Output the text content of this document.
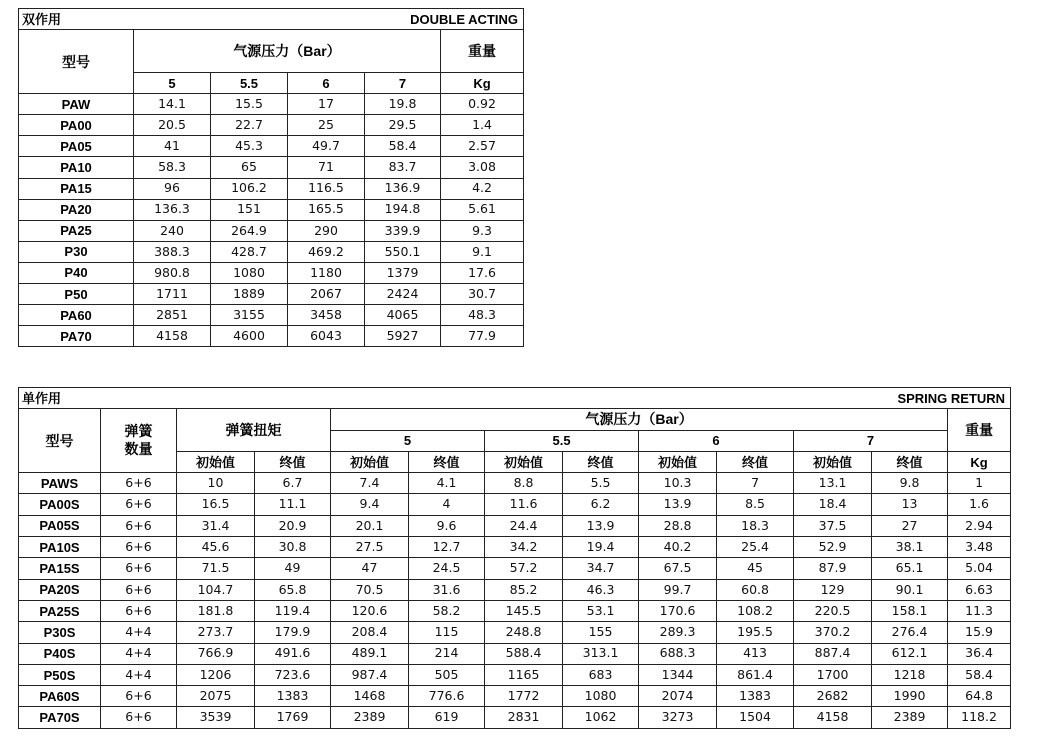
双作用			DOUBLE ACTING		
型号	气源压力（Bar）				重量
	5	5.5	6	7	Kg
PAW	14.1	15.5	17	19.8	0.92
PA00	20.5	22.7	25	29.5	1.4
PA05	41	45.3	49.7	58.4	2.57
PA10	58.3	65	71	83.7	3.08
PA15	96	106.2	116.5	136.9	4.2
PA20	136.3	151	165.5	194.8	5.61
PA25	240	264.9	290	339.9	9.3
P30	388.3	428.7	469.2	550.1	9.1
P40	980.8	1080	1180	1379	17.6
P50	1711	1889	2067	2424	30.7
PA60	2851	3155	3458	4065	48.3
PA70	4158	4600	6043	5927	77.9
单作用						SPRING RETURN						
型号	弹簧数量	弹簧扭矩		气源压力（Bar）								重量
				5		5.5		6		7		
		初始值	终值	初始值	终值	初始值	终值	初始值	终值	初始值	终值	Kg
PAWS	6+6	10	6.7	7.4	4.1	8.8	5.5	10.3	7	13.1	9.8	1
PA00S	6+6	16.5	11.1	9.4	4	11.6	6.2	13.9	8.5	18.4	13	1.6
PA05S	6+6	31.4	20.9	20.1	9.6	24.4	13.9	28.8	18.3	37.5	27	2.94
PA10S	6+6	45.6	30.8	27.5	12.7	34.2	19.4	40.2	25.4	52.9	38.1	3.48
PA15S	6+6	71.5	49	47	24.5	57.2	34.7	67.5	45	87.9	65.1	5.04
PA20S	6+6	104.7	65.8	70.5	31.6	85.2	46.3	99.7	60.8	129	90.1	6.63
PA25S	6+6	181.8	119.4	120.6	58.2	145.5	53.1	170.6	108.2	220.5	158.1	11.3
P30S	4+4	273.7	179.9	208.4	115	248.8	155	289.3	195.5	370.2	276.4	15.9
P40S	4+4	766.9	491.6	489.1	214	588.4	313.1	688.3	413	887.4	612.1	36.4
P50S	4+4	1206	723.6	987.4	505	1165	683	1344	861.4	1700	1218	58.4
PA60S	6+6	2075	1383	1468	776.6	1772	1080	2074	1383	2682	1990	64.8
PA70S	6+6	3539	1769	2389	619	2831	1062	3273	1504	4158	2389	118.2
